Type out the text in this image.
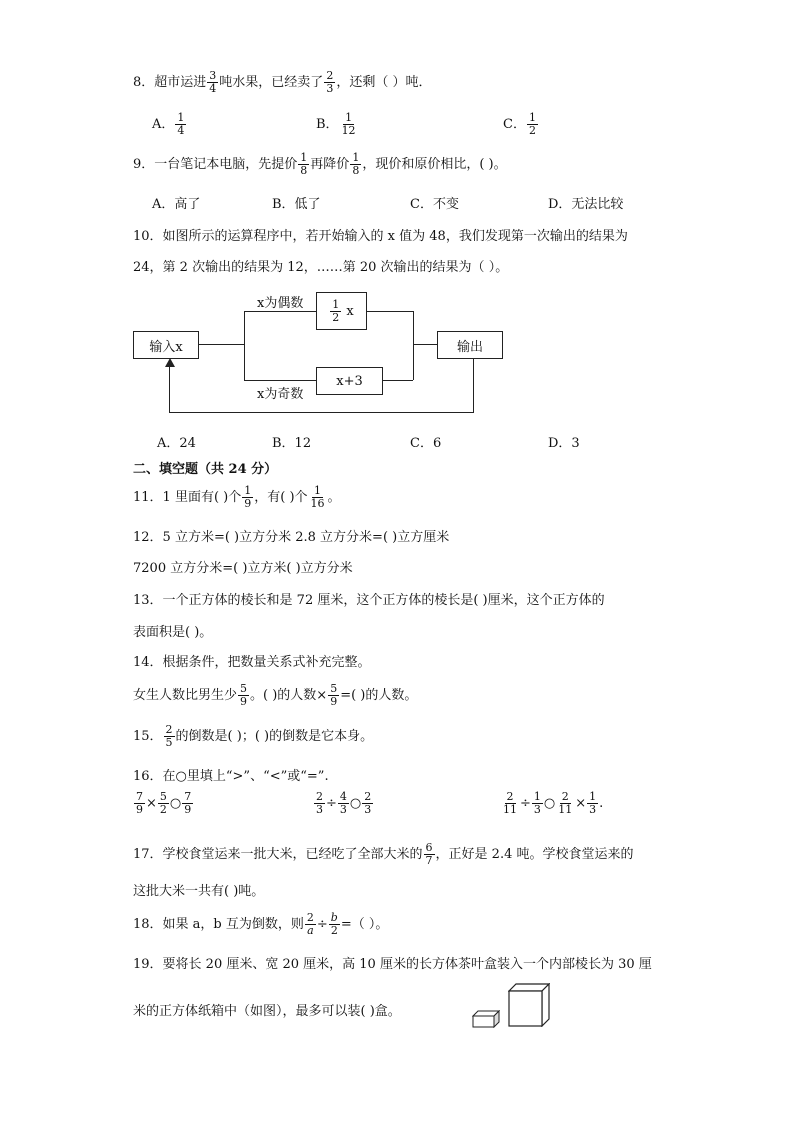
8．超市运进 $\frac{3}{4}$ 吨水果，已经卖了 $\frac{2}{3}$ ，还剩（ ）吨．
A． $\frac{1}{4}$	B． $\frac{1}{12}$	C． $\frac{1}{2}$
9．一台笔记本电脑，先提价 $\frac{1}{8}$ 再降价 $\frac{1}{8}$ ，现价和原价相比，( )。
A．高了	B．低了	C．不变	D．无法比较
10．如图所示的运算程序中，若开始输入的 x 值为 48，我们发现第一次输出的结果为
24，第 2 次输出的结果为 12，……第 20 次输出的结果为（ ）。
输入x	输出
1
2
x
x+3
x为偶数
x为奇数
A．24	B．12	C．6	D．3
二、填空题（共 24 分）
11．1 里面有( )个 $\frac{1}{9}$ ，有( )个 $\frac{1}{16}$ 。
12．5 立方米=( )立方分米 2.8 立方分米=( )立方厘米
7200 立方分米=( )立方米( )立方分米
13．一个正方体的棱长和是 72 厘米，这个正方体的棱长是( )厘米，这个正方体的
表面积是( )。
14．根据条件，把数量关系式补充完整。
女生人数比男生少 $\frac{5}{9}$ 。( )的人数× $\frac{5}{9}$ =( )的人数。
15． $\frac{2}{5}$ 的倒数是( )；( )的倒数是它本身。
16．在○里填上“>”、“<”或“=”.
$\frac{7}{9} \times \frac{5}{2}$ ○ $\frac{7}{9}$	$\frac{2}{3} \div \frac{4}{3}$ ○ $\frac{2}{3}$	$\frac{2}{11} \div \frac{1}{3}$ ○ $\frac{2}{11} \times \frac{1}{3}$ .
17．学校食堂运来一批大米，已经吃了全部大米的 $\frac{6}{7}$ ，正好是 2.4 吨。学校食堂运来的
这批大米一共有( )吨。
18．如果 a，b 互为倒数，则 $\frac{2}{a} \div \frac{b}{2}$ =（ ）。
19．要将长 20 厘米、宽 20 厘米，高 10 厘米的长方体茶叶盒装入一个内部棱长为 30 厘
米的正方体纸箱中（如图），最多可以装( )盒。
